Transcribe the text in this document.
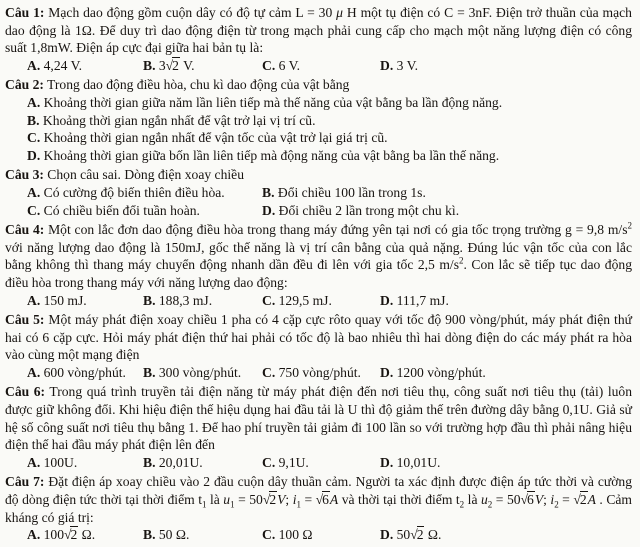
Câu 1: Mạch dao động gồm cuộn dây có độ tự cảm L = 30 μ H một tụ điện có C = 3nF. Điện trở thuần của mạch dao động là 1Ω. Để duy trì dao động điện từ trong mạch phải cung cấp cho mạch một năng lượng điện có công suất 1,8mW. Điện áp cực đại giữa hai bản tụ là:

A. 4,24 V.	B. 3√2 V.	C. 6 V.	D. 3 V.

Câu 2: Trong dao động điều hòa, chu kì dao động của vật bằng

A. Khoảng thời gian giữa năm lần liên tiếp mà thế năng của vật bằng ba lần động năng.
B. Khoảng thời gian ngắn nhất để vật trở lại vị trí cũ.
C. Khoảng thời gian ngắn nhất để vận tốc của vật trở lại giá trị cũ.
D. Khoảng thời gian giữa bốn lần liên tiếp mà động năng của vật bằng ba lần thế năng.

Câu 3: Chọn câu sai. Dòng điện xoay chiều

A. Có cường độ biến thiên điều hòa.	B. Đổi chiều 100 lần trong 1s.
C. Có chiều biến đổi tuần hoàn.	D. Đổi chiều 2 lần trong một chu kì.

Câu 4: Một con lắc đơn dao động điều hòa trong thang máy đứng yên tại nơi có gia tốc trọng trường g = 9,8 $m/s^2$ với năng lượng dao động là 150mJ, gốc thế năng là vị trí cân bằng của quả nặng. Đúng lúc vận tốc của con lắc bằng không thì thang máy chuyển động nhanh dần đều đi lên với gia tốc 2,5 $m/s^2$. Con lắc sẽ tiếp tục dao động điều hòa trong thang máy với năng lượng dao động:

A. 150 mJ.	B. 188,3 mJ.	C. 129,5 mJ.	D. 111,7 mJ.

Câu 5: Một máy phát điện xoay chiều 1 pha có 4 cặp cực rôto quay với tốc độ 900 vòng/phút, máy phát điện thứ hai có 6 cặp cực. Hỏi máy phát điện thứ hai phải có tốc độ là bao nhiêu thì hai dòng điện do các máy phát ra hòa vào cùng một mạng điện

A. 600 vòng/phút.	B. 300 vòng/phút.	C. 750 vòng/phút.	D. 1200 vòng/phút.

Câu 6: Trong quá trình truyền tải điện năng từ máy phát điện đến nơi tiêu thụ, công suất nơi tiêu thụ (tải) luôn được giữ không đổi. Khi hiệu điện thế hiệu dụng hai đầu tải là U thì độ giảm thế trên đường dây bằng 0,1U. Giả sử hệ số công suất nơi tiêu thụ bằng 1. Để hao phí truyền tải giảm đi 100 lần so với trường hợp đầu thì phải nâng hiệu điện thế hai đầu máy phát điện lên đến

A. 100U.	B. 20,01U.	C. 9,1U.	D. 10,01U.

Câu 7: Đặt điện áp xoay chiều vào 2 đầu cuộn dây thuần cảm. Người ta xác định được điện áp tức thời và cường độ dòng điện tức thời tại thời điểm $t_1$ là $u_1 = 50√2V$; $i_1 = √6A$ và thời tại thời điểm $t_2$ là $u_2 = 50√6V$; $i_2 = √2A$ . Cảm kháng có giá trị:

A. 100√2 Ω.	B. 50 Ω.	C. 100 Ω	D. 50√2 Ω.
